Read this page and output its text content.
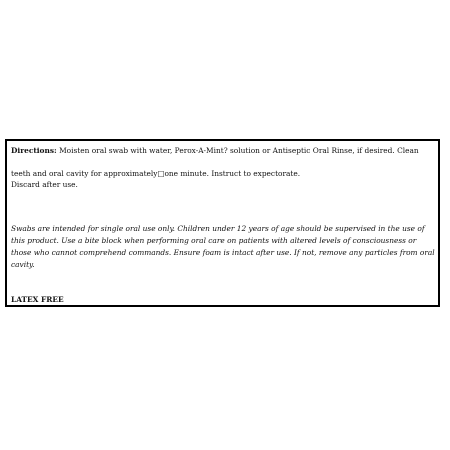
Directions: Moisten oral swab with water, Perox-A-Mint? solution or Antiseptic Oral Rinse, if desired. Clean

teeth and oral cavity for approximately□one minute. Instruct to expectorate.

Discard after use.

Swabs are intended for single oral use only. Children under 12 years of age should be supervised in the use of this product. Use a bite block when performing oral care on patients with altered levels of consciousness or those who cannot comprehend commands. Ensure foam is intact after use. If not, remove any particles from oral cavity.

LATEX FREE
